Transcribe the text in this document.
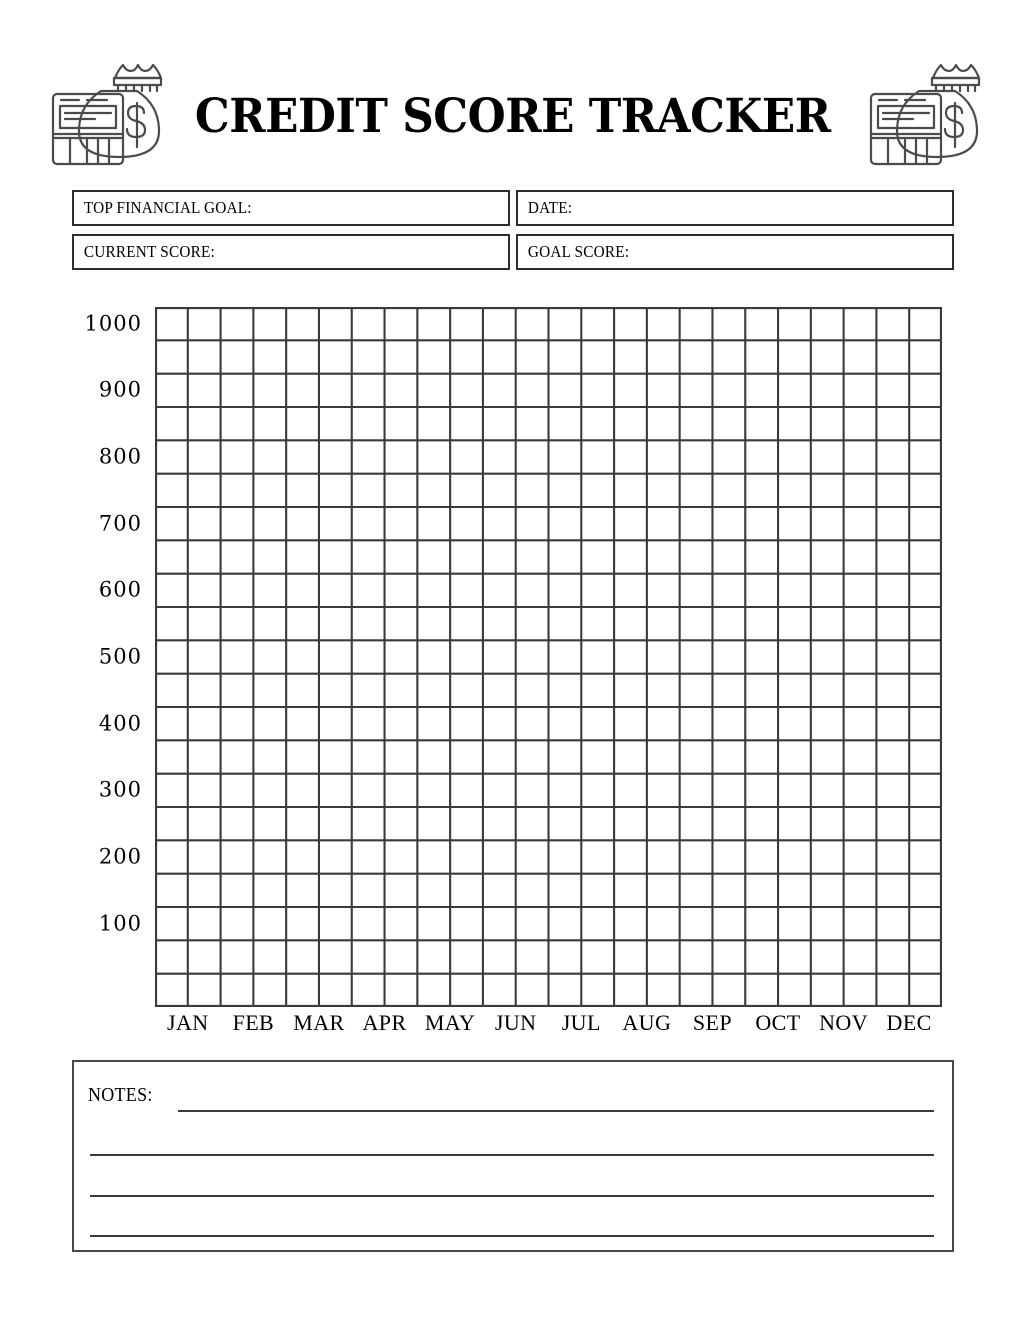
CREDIT SCORE TRACKER
TOP FINANCIAL GOAL:	DATE:
CURRENT SCORE:	GOAL SCORE:
1000
900
800
700
600
500
400
300
200
100
JAN	FEB MAR APR MAY JUN	JUL AUG SEP	OCT NOV DEC
NOTES:
